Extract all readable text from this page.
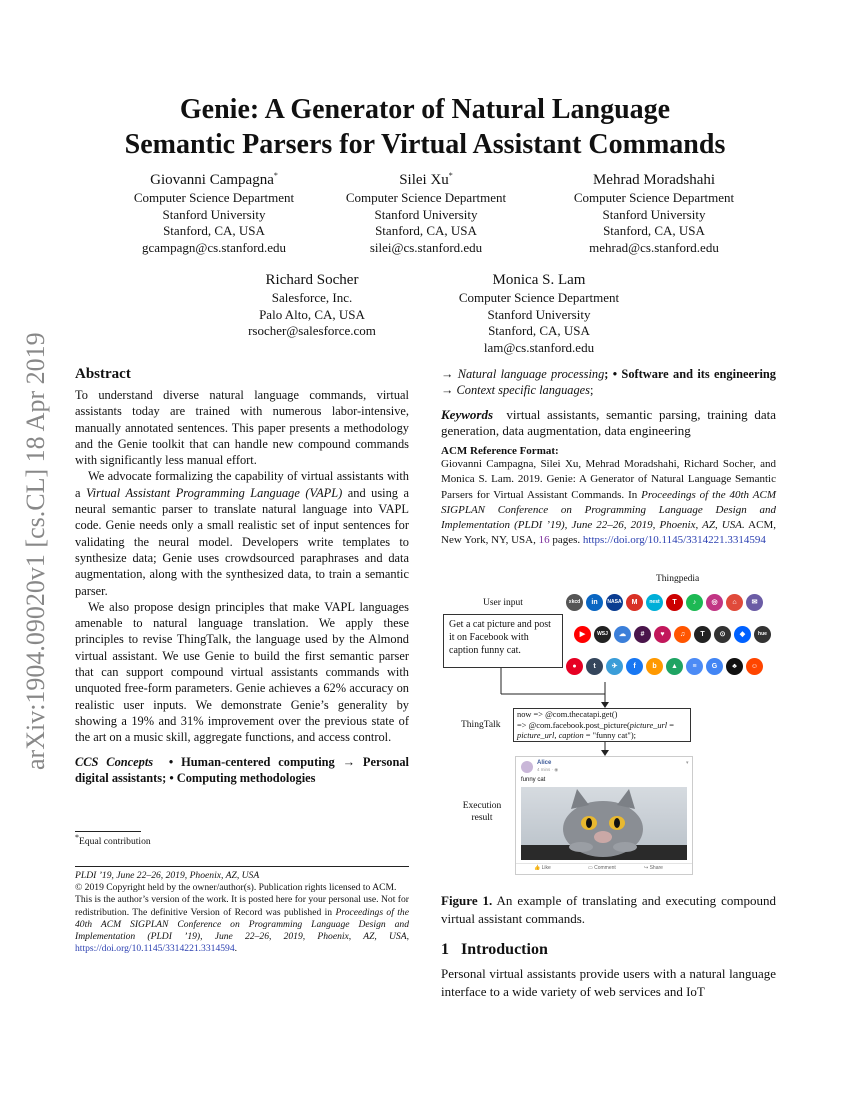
Genie: A Generator of Natural Language
Semantic Parsers for Virtual Assistant Commands
arXiv:1904.09020v1 [cs.CL] 18 Apr 2019
Giovanni Campagna*
Computer Science Department
Stanford University
Stanford, CA, USA
gcampagn@cs.stanford.edu
Silei Xu*
Computer Science Department
Stanford University
Stanford, CA, USA
silei@cs.stanford.edu
Mehrad Moradshahi
Computer Science Department
Stanford University
Stanford, CA, USA
mehrad@cs.stanford.edu
Richard Socher
Salesforce, Inc.
Palo Alto, CA, USA
rsocher@salesforce.com
Monica S. Lam
Computer Science Department
Stanford University
Stanford, CA, USA
lam@cs.stanford.edu
Abstract

To understand diverse natural language commands, virtual assistants today are trained with numerous labor-intensive, manually annotated sentences. This paper presents a methodology and the Genie toolkit that can handle new compound commands with significantly less manual effort.

We advocate formalizing the capability of virtual assistants with a Virtual Assistant Programming Language (VAPL) and using a neural semantic parser to translate natural language into VAPL code. Genie needs only a small realistic set of input sentences for validating the neural model. Developers write templates to synthesize data; Genie uses crowdsourced paraphrases and data augmentation, along with the synthesized data, to train a semantic parser.

We also propose design principles that make VAPL languages amenable to natural language translation. We apply these principles to revise ThingTalk, the language used by the Almond virtual assistant. We use Genie to build the first semantic parser that can support compound virtual assistants commands with unquoted free-form parameters. Genie achieves a 62% accuracy on realistic user inputs. We demonstrate Genie’s generality by showing a 19% and 31% improvement over the previous state of the art on a music skill, aggregate functions, and access control.

CCS Concepts • Human-centered computing → Personal digital assistants; • Computing methodologies

*Equal contribution
PLDI ’19, June 22–26, 2019, Phoenix, AZ, USA
© 2019 Copyright held by the owner/author(s). Publication rights licensed to ACM.
This is the author’s version of the work. It is posted here for your personal use. Not for redistribution. The definitive Version of Record was published in Proceedings of the 40th ACM SIGPLAN Conference on Programming Language Design and Implementation (PLDI ’19), June 22–26, 2019, Phoenix, AZ, USA, https://doi.org/10.1145/3314221.3314594.

→ Natural language processing; • Software and its engineering → Context specific languages;

Keywords virtual assistants, semantic parsing, training data generation, data augmentation, data engineering

ACM Reference Format:

Giovanni Campagna, Silei Xu, Mehrad Moradshahi, Richard Socher, and Monica S. Lam. 2019. Genie: A Generator of Natural Language Semantic Parsers for Virtual Assistant Commands. In Proceedings of the 40th ACM SIGPLAN Conference on Programming Language Design and Implementation (PLDI ’19), June 22–26, 2019, Phoenix, AZ, USA. ACM, New York, NY, USA, 16 pages. https://doi.org/10.1145/3314221.3314594

User input
Thingpedia
Get a cat picture and post it on Facebook with caption funny cat.
xkcd	in	NASA	M	nest	T	♪	◎	⌂	✉
▶	WSJ	☁	#	♥	♫	T	⊙	◆	hue
●	t	✈	f	b	▲	≡	G	♣	☺
ThingTalk
now => @com.thecatapi.get()
=> @com.facebook.post_picture(picture_url =
picture_url, caption = "funny cat");
Execution result
Alice
4 mins · ◉
▾
funny cat
👍 Like	▭ Comment	↪ Share

Figure 1. An example of translating and executing compound virtual assistant commands.

1 Introduction

Personal virtual assistants provide users with a natural language interface to a wide variety of web services and IoT
